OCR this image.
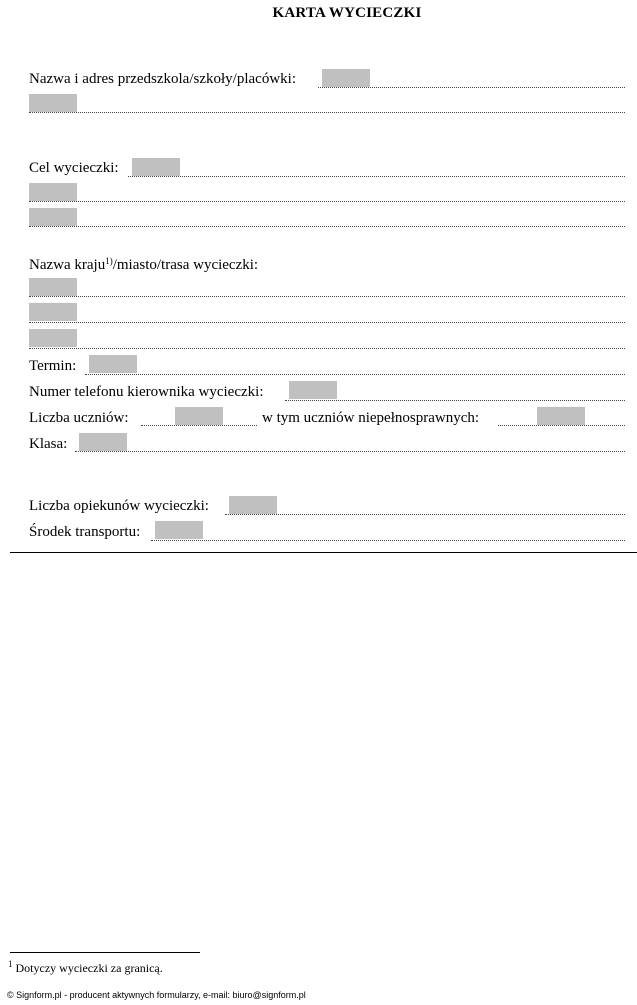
KARTA WYCIECZKI
Nazwa i adres przedszkola/szkoły/placówki:
Cel wycieczki:
Nazwa kraju$^{1)}$/miasto/trasa wycieczki:
Termin:
Numer telefonu kierownika wycieczki:
Liczba uczniów:	w tym uczniów niepełnosprawnych:
Klasa:
Liczba opiekunów wycieczki:
Środek transportu:
$^1$ Dotyczy wycieczki za granicą.
© Signform.pl - producent aktywnych formularzy, e-mail: biuro@signform.pl
